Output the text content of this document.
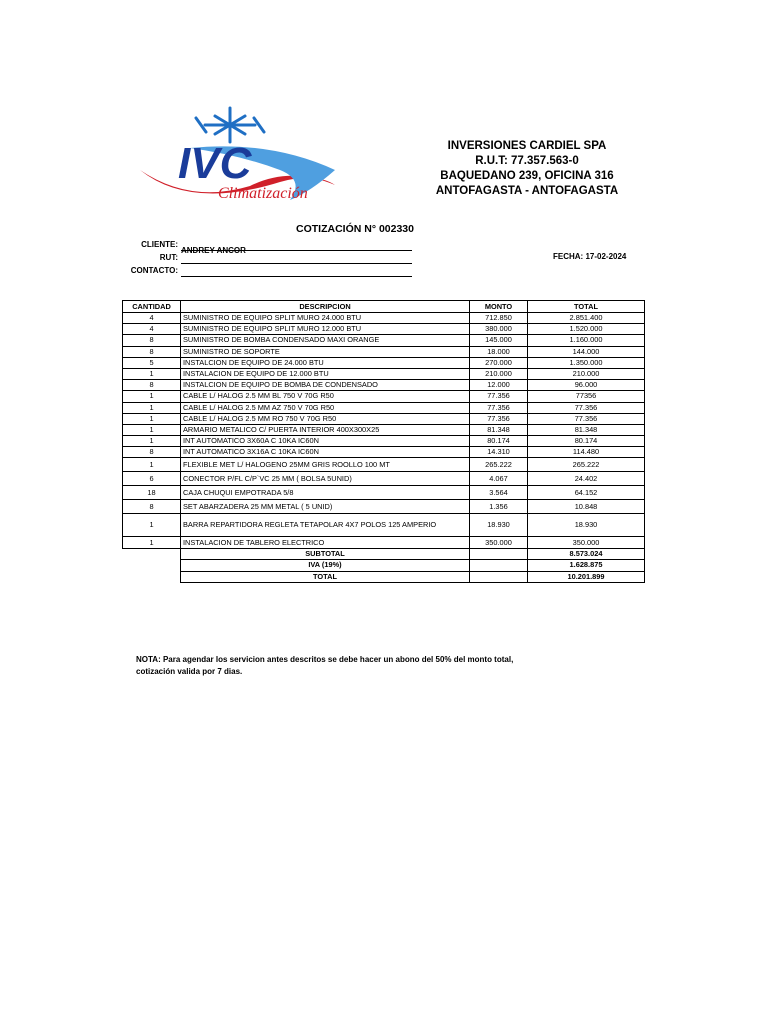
IVC
Climatización
INVERSIONES CARDIEL SPA
R.U.T: 77.357.563-0
BAQUEDANO 239, OFICINA 316
ANTOFAGASTA - ANTOFAGASTA
COTIZACIÓN N° 002330
CLIENTE:
ANDREY ANCOR
RUT:
CONTACTO:
FECHA: 17-02-2024
CANTIDAD	DESCRIPCION	MONTO	TOTAL
4	SUMINISTRO DE EQUIPO SPLIT MURO 24.000 BTU	712.850	2.851.400
4	SUMINISTRO DE EQUIPO SPLIT MURO 12.000 BTU	380.000	1.520.000
8	SUMINISTRO DE BOMBA CONDENSADO MAXI ORANGE	145.000	1.160.000
8	SUMINISTRO DE SOPORTE	18.000	144.000
5	INSTALCION DE EQUIPO DE 24.000 BTU	270.000	1.350.000
1	INSTALACION DE EQUIPO DE 12.000 BTU	210.000	210.000
8	INSTALCION DE EQUIPO DE BOMBA DE CONDENSADO	12.000	96.000
1	CABLE L/ HALOG 2.5 MM BL 750 V 70G R50	77.356	77356
1	CABLE L/ HALOG 2.5 MM AZ 750 V 70G R50	77.356	77.356
1	CABLE L/ HALOG 2.5 MM RO 750 V 70G R50	77.356	77.356
1	ARMARIO METALICO C/ PUERTA INTERIOR 400X300X25	81.348	81.348
1	INT AUTOMATICO 3X60A C 10KA IC60N	80.174	80.174
8	INT AUTOMATICO 3X16A C 10KA IC60N	14.310	114.480
1	FLEXIBLE MET L/ HALOGENO 25MM GRIS ROOLLO 100 MT	265.222	265.222
6	CONECTOR P/FL C/P`VC 25 MM ( BOLSA 5UNID)	4.067	24.402
18	CAJA CHUQUI EMPOTRADA 5/8	3.564	64.152
8	SET ABARZADERA 25 MM METAL ( 5 UNID)	1.356	10.848
1	BARRA REPARTIDORA REGLETA TETAPOLAR 4X7 POLOS 125 AMPERIO	18.930	18.930
1	INSTALACION DE TABLERO ELECTRICO	350.000	350.000
	SUBTOTAL		8.573.024
	IVA (19%)		1.628.875
	TOTAL		10.201.899
NOTA: Para agendar los servicion antes descritos se debe hacer un abono del 50% del monto total, cotización valida por 7 dias.
